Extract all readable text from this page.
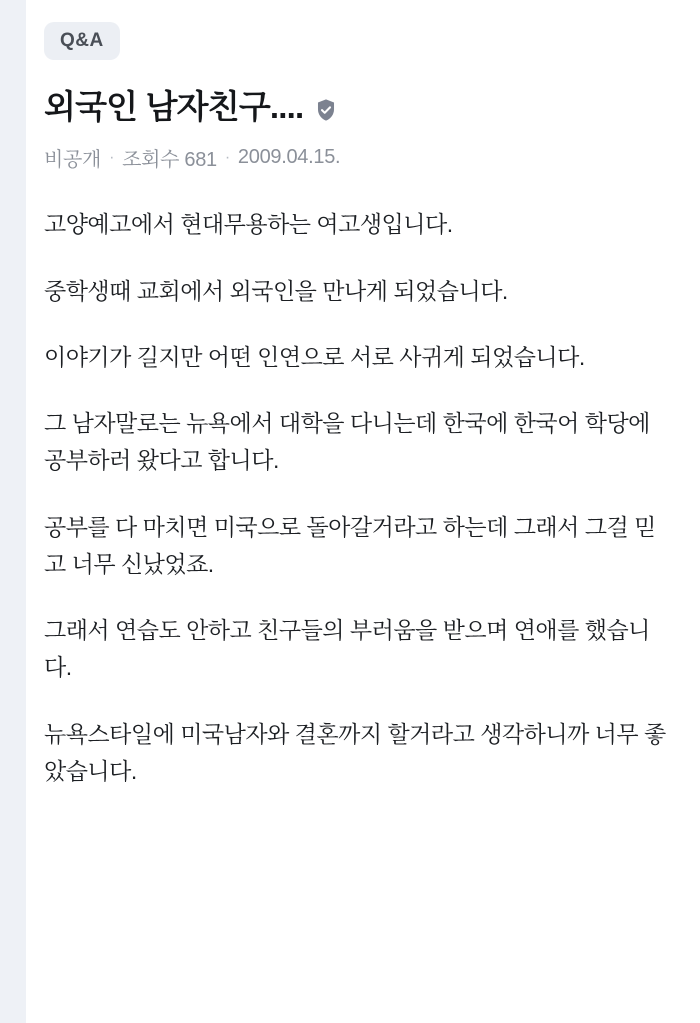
Q&A
외국인 남자친구....
비공개 · 조회수 681 · 2009.04.15.

고양예고에서 현대무용하는 여고생입니다.

중학생때 교회에서 외국인을 만나게 되었습니다.

이야기가 길지만 어떤 인연으로 서로 사귀게 되었습니다.

그 남자말로는 뉴욕에서 대학을 다니는데 한국에 한국어 학당에 공부하러 왔다고 합니다.

공부를 다 마치면 미국으로 돌아갈거라고 하는데 그래서 그걸 믿고 너무 신났었죠.

그래서 연습도 안하고 친구들의 부러움을 받으며 연애를 했습니다.

뉴욕스타일에 미국남자와 결혼까지 할거라고 생각하니까 너무 좋았습니다.
